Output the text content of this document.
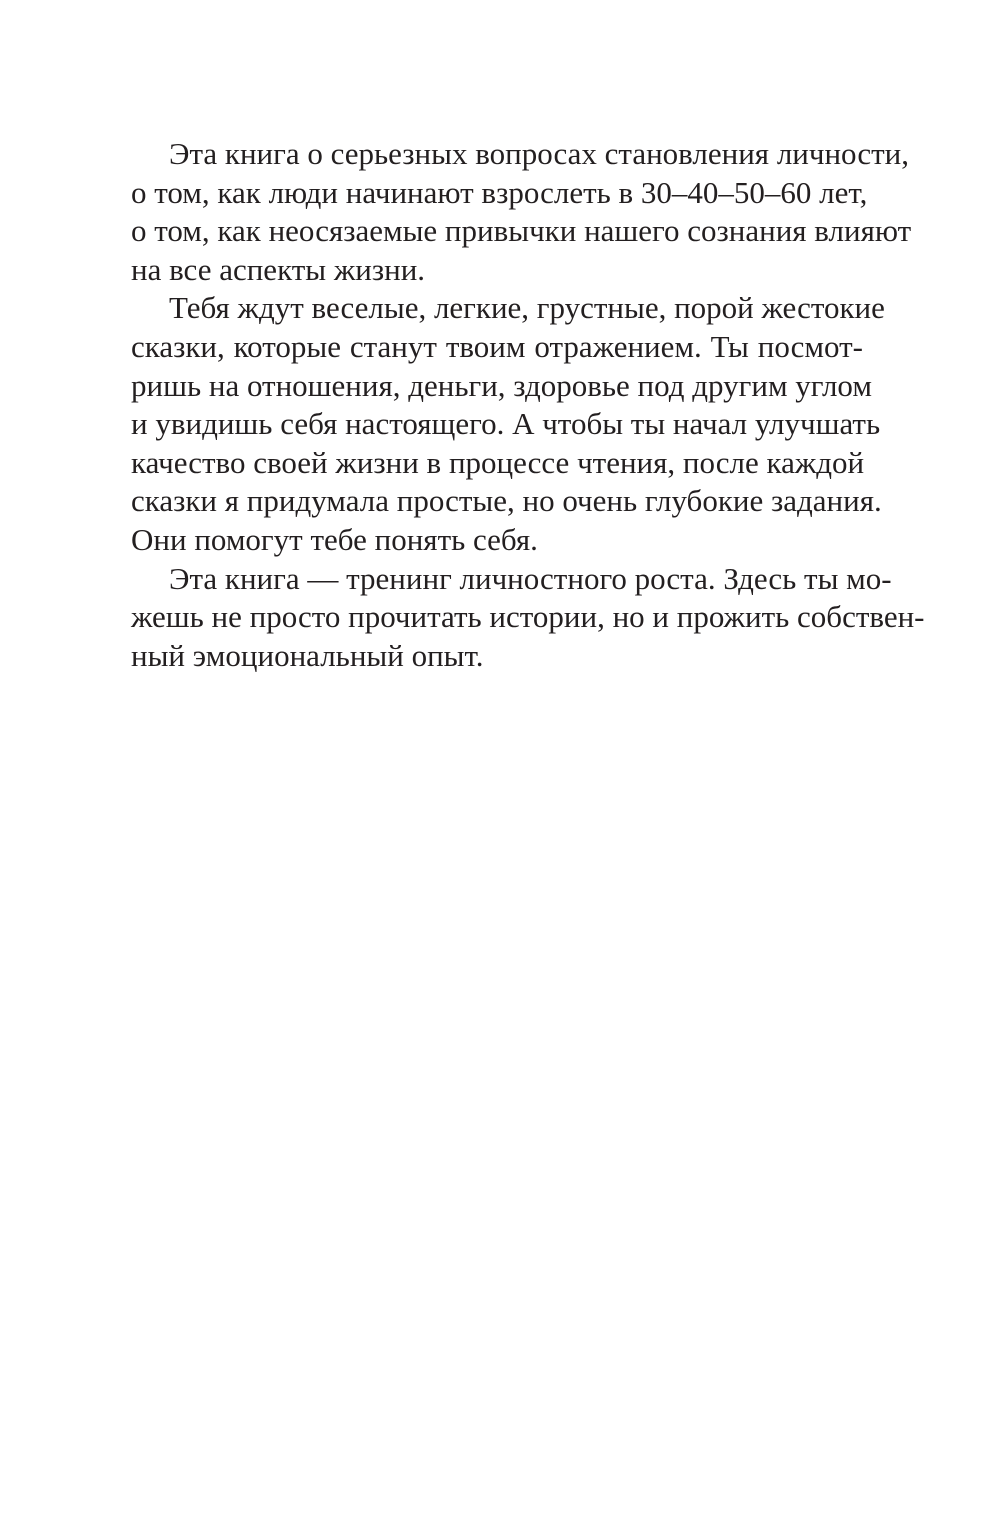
Эта книга о серьезных вопросах становления личности,
о том, как люди начинают взрослеть в 30–40–50–60 лет,
о том, как неосязаемые привычки нашего сознания влияют
на все аспекты жизни.
Тебя ждут веселые, легкие, грустные, порой жестокие
сказки, которые станут твоим отражением. Ты посмот-
ришь на отношения, деньги, здоровье под другим углом
и увидишь себя настоящего. А чтобы ты начал улучшать
качество своей жизни в процессе чтения, после каждой
сказки я придумала простые, но очень глубокие задания.
Они помогут тебе понять себя.
Эта книга — тренинг личностного роста. Здесь ты мо-
жешь не просто прочитать истории, но и прожить собствен-
ный эмоциональный опыт.
